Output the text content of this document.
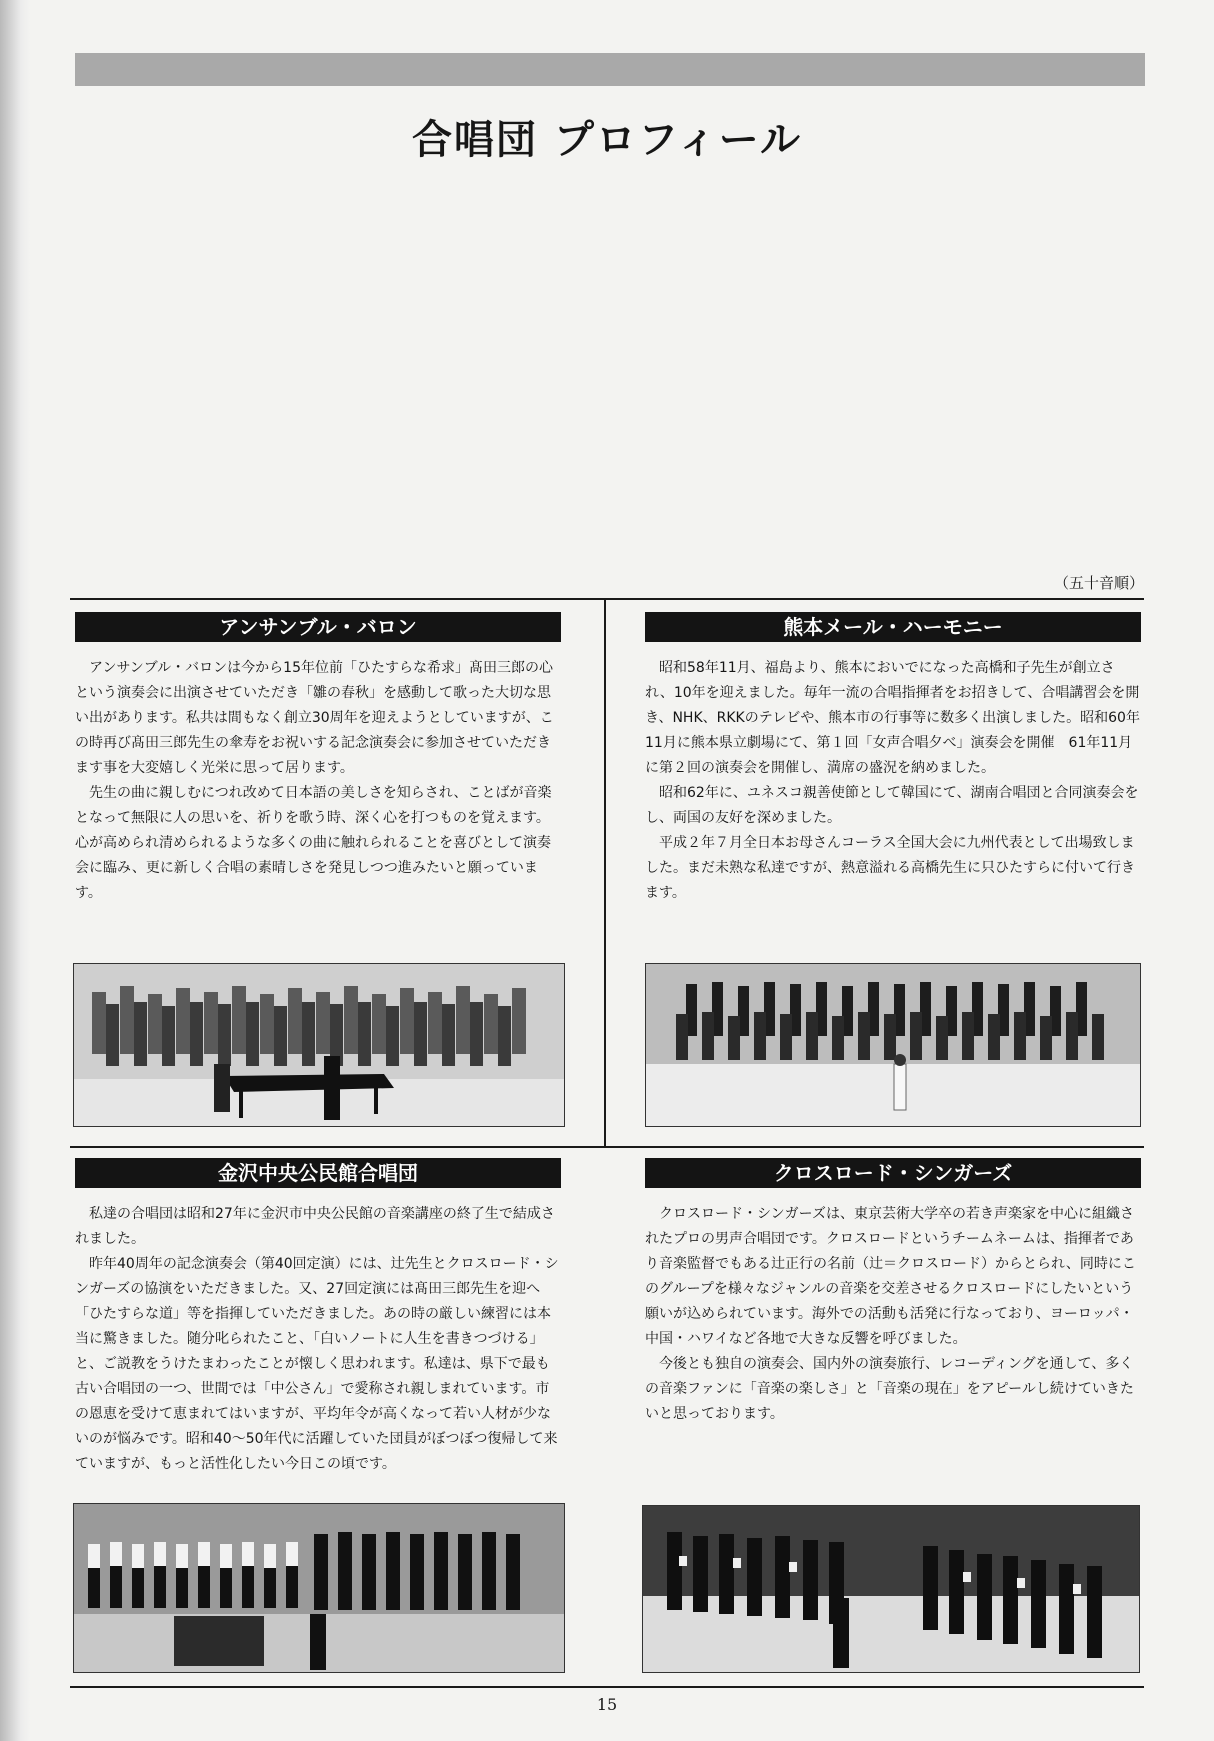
合唱団 プロフィール
（五十音順）
アンサンブル・バロン

アンサンブル・バロンは今から15年位前「ひたすらな希求」髙田三郎の心という演奏会に出演させていただき「雛の春秋」を感動して歌った大切な思い出があります。私共は間もなく創立30周年を迎えようとしていますが、この時再び髙田三郎先生の傘寿をお祝いする記念演奏会に参加させていただきます事を大変嬉しく光栄に思って居ります。

先生の曲に親しむにつれ改めて日本語の美しさを知らされ、ことばが音楽となって無限に人の思いを、祈りを歌う時、深く心を打つものを覚えます。心が高められ清められるような多くの曲に触れられることを喜びとして演奏会に臨み、更に新しく合唱の素晴しさを発見しつつ進みたいと願っています。

熊本メール・ハーモニー

昭和58年11月、福島より、熊本においでになった高橋和子先生が創立され、10年を迎えました。毎年一流の合唱指揮者をお招きして、合唱講習会を開き、NHK、RKKのテレビや、熊本市の行事等に数多く出演しました。昭和60年11月に熊本県立劇場にて、第１回「女声合唱夕べ」演奏会を開催　61年11月に第２回の演奏会を開催し、満席の盛況を納めました。

昭和62年に、ユネスコ親善使節として韓国にて、湖南合唱団と合同演奏会をし、両国の友好を深めました。

平成２年７月全日本お母さんコーラス全国大会に九州代表として出場致しました。まだ未熟な私達ですが、熱意溢れる高橋先生に只ひたすらに付いて行きます。

金沢中央公民館合唱団

私達の合唱団は昭和27年に金沢市中央公民館の音楽講座の終了生で結成されました。

昨年40周年の記念演奏会（第40回定演）には、辻先生とクロスロード・シンガーズの協演をいただきました。又、27回定演には髙田三郎先生を迎へ「ひたすらな道」等を指揮していただきました。あの時の厳しい練習には本当に驚きました。随分叱られたこと、「白いノートに人生を書きつづける」と、ご説教をうけたまわったことが懐しく思われます。私達は、県下で最も古い合唱団の一つ、世間では「中公さん」で愛称され親しまれています。市の恩恵を受けて恵まれてはいますが、平均年令が高くなって若い人材が少ないのが悩みです。昭和40〜50年代に活躍していた団員がぼつぼつ復帰して来ていますが、もっと活性化したい今日この頃です。

クロスロード・シンガーズ

クロスロード・シンガーズは、東京芸術大学卒の若き声楽家を中心に組織されたプロの男声合唱団です。クロスロードというチームネームは、指揮者であり音楽監督でもある辻正行の名前（辻＝クロスロード）からとられ、同時にこのグループを様々なジャンルの音楽を交差させるクロスロードにしたいという願いが込められています。海外での活動も活発に行なっており、ヨーロッパ・中国・ハワイなど各地で大きな反響を呼びました。

今後とも独自の演奏会、国内外の演奏旅行、レコーディングを通して、多くの音楽ファンに「音楽の楽しさ」と「音楽の現在」をアピールし続けていきたいと思っております。

15
